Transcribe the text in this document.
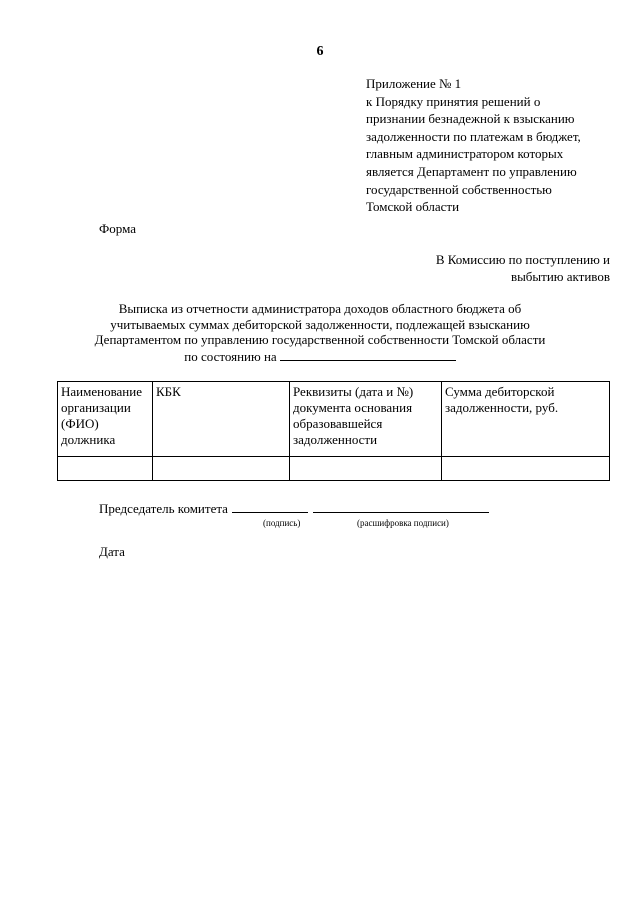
6
Приложение № 1
к Порядку принятия решений о
признании безнадежной к взысканию
задолженности по платежам в бюджет,
главным администратором которых
является Департамент по управлению
государственной собственностью
Томской области
Форма
В Комиссию по поступлению и
выбытию активов
Выписка из отчетности администратора доходов областного бюджета об
учитываемых суммах дебиторской задолженности, подлежащей взысканию
Департаментом по управлению государственной собственности Томской области
по состоянию на
Наименование организации (ФИО) должника	КБК	Реквизиты (дата и №) документа основания образовавшейся задолженности	Сумма дебиторской задолженности, руб.

Председатель комитета
(подпись)	(расшифровка подписи)
Дата
